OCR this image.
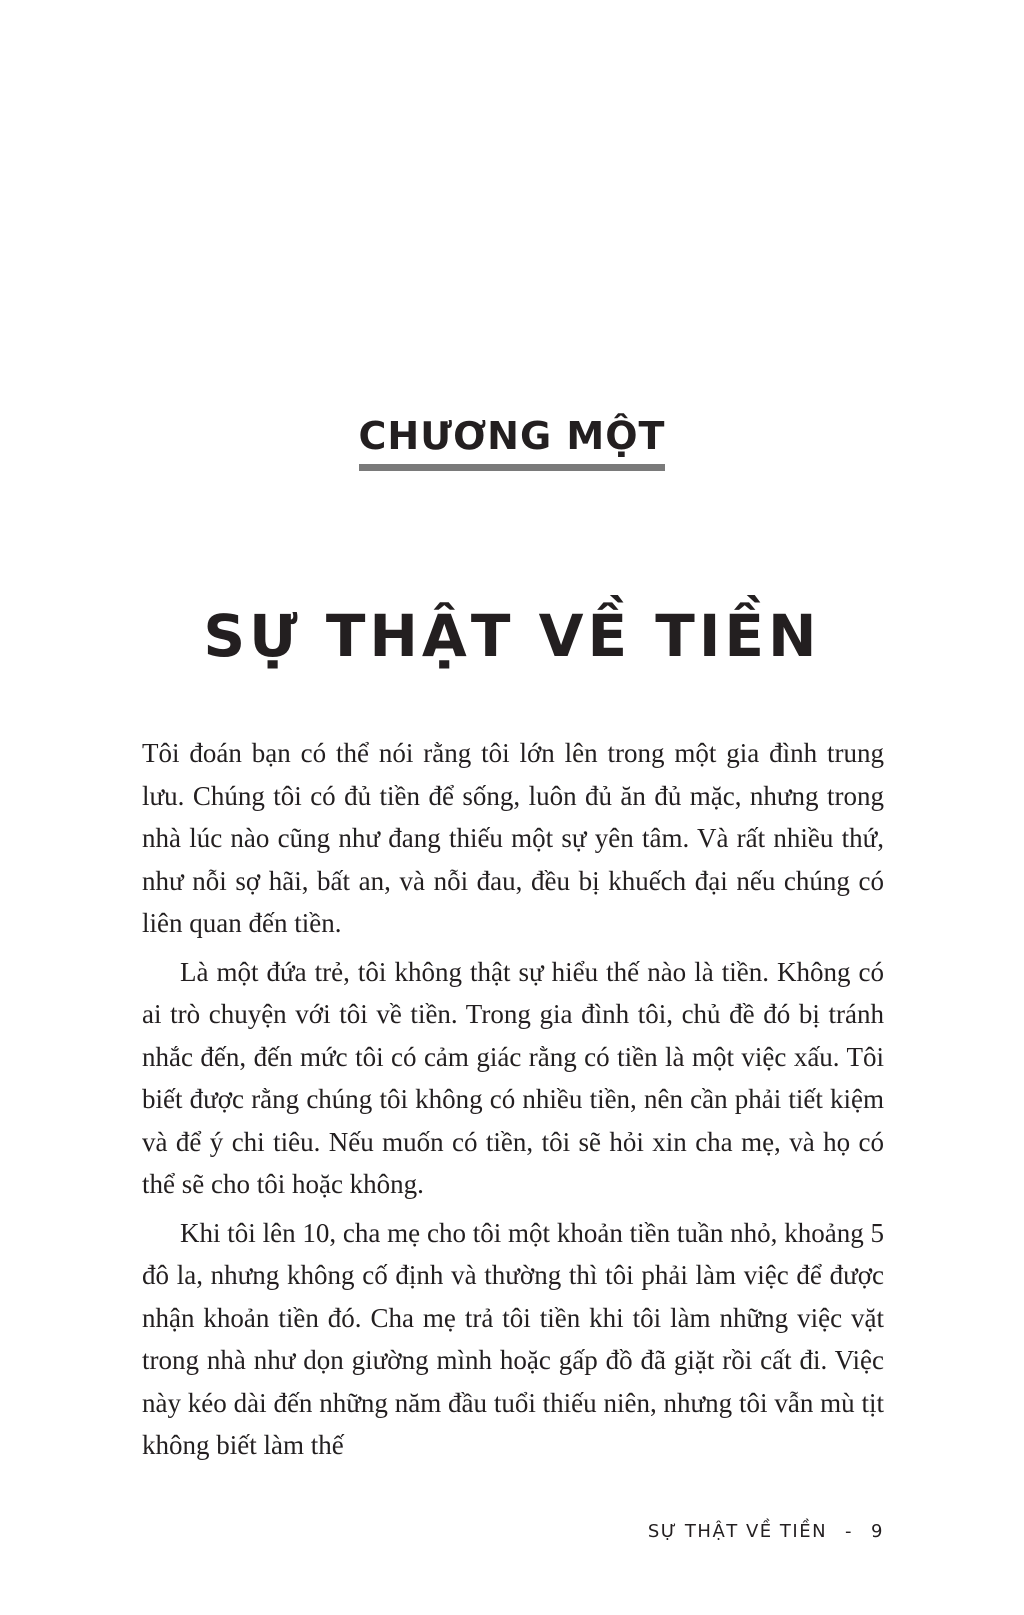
CHƯƠNG MỘT
SỰ THẬT VỀ TIỀN

Tôi đoán bạn có thể nói rằng tôi lớn lên trong một gia đình trung lưu. Chúng tôi có đủ tiền để sống, luôn đủ ăn đủ mặc, nhưng trong nhà lúc nào cũng như đang thiếu một sự yên tâm. Và rất nhiều thứ, như nỗi sợ hãi, bất an, và nỗi đau, đều bị khuếch đại nếu chúng có liên quan đến tiền.

Là một đứa trẻ, tôi không thật sự hiểu thế nào là tiền. Không có ai trò chuyện với tôi về tiền. Trong gia đình tôi, chủ đề đó bị tránh nhắc đến, đến mức tôi có cảm giác rằng có tiền là một việc xấu. Tôi biết được rằng chúng tôi không có nhiều tiền, nên cần phải tiết kiệm và để ý chi tiêu. Nếu muốn có tiền, tôi sẽ hỏi xin cha mẹ, và họ có thể sẽ cho tôi hoặc không.

Khi tôi lên 10, cha mẹ cho tôi một khoản tiền tuần nhỏ, khoảng 5 đô la, nhưng không cố định và thường thì tôi phải làm việc để được nhận khoản tiền đó. Cha mẹ trả tôi tiền khi tôi làm những việc vặt trong nhà như dọn giường mình hoặc gấp đồ đã giặt rồi cất đi. Việc này kéo dài đến những năm đầu tuổi thiếu niên, nhưng tôi vẫn mù tịt không biết làm thế

SỰ THẬT VỀ TIỀN - 9
